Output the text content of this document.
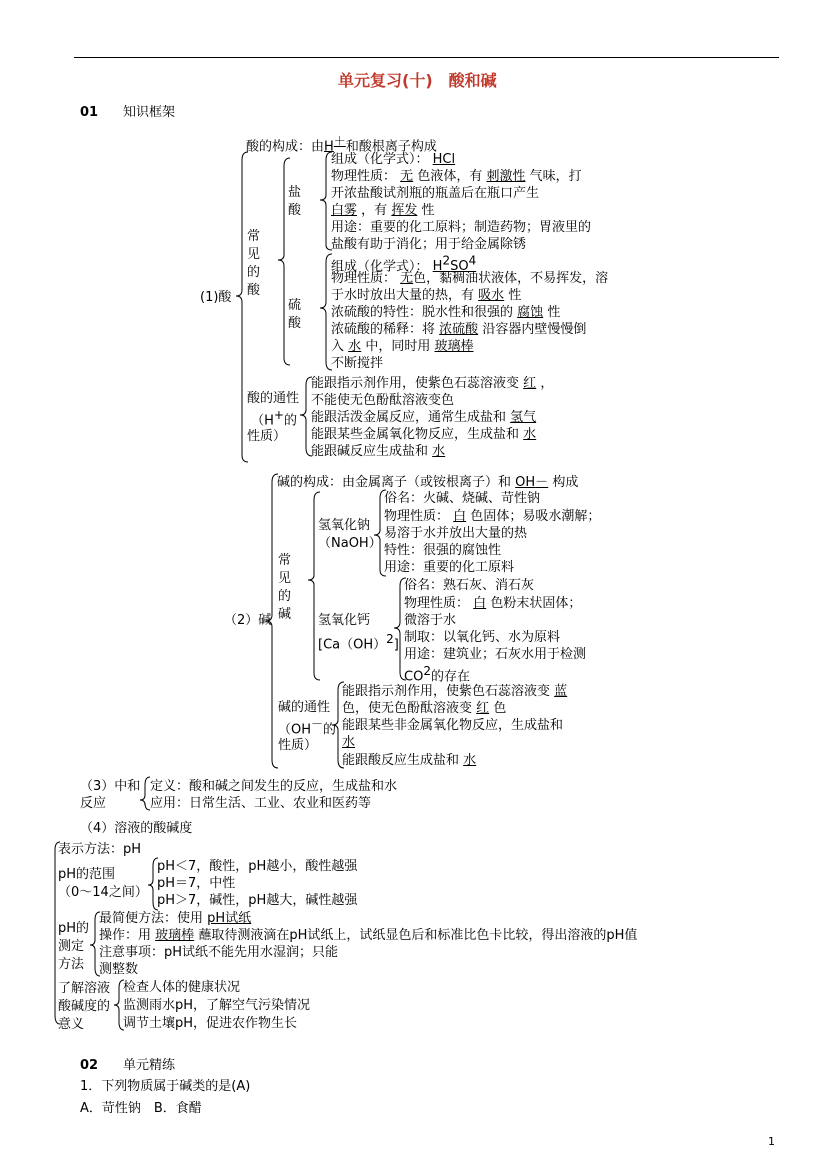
单元复习(十)　酸和碱
01 知识框架
(1)酸
酸的构成：由H＋和酸根离子构成
常
见
的
酸
盐
酸
组成（化学式）： HCl
物理性质： 无 色液体，有 刺激性 气味，打
开浓盐酸试剂瓶的瓶盖后在瓶口产生
白雾 ，有 挥发 性
用途：重要的化工原料；制造药物；胃液里的
盐酸有助于消化；用于给金属除锈
硫
酸
组成（化学式）： $H^2SO^4$
物理性质： 无色，黏稠油状液体，不易挥发，溶
于水时放出大量的热，有 吸水 性
浓硫酸的特性：脱水性和很强的 腐蚀 性
浓硫酸的稀释：将 浓硫酸 沿容器内壁慢慢倒
入 水 中，同时用 玻璃棒
不断搅拌
酸的通性
（H+的
性质）
能跟指示剂作用，使紫色石蕊溶液变 红 ，
不能使无色酚酞溶液变色
能跟活泼金属反应，通常生成盐和 氢气
能跟某些金属氧化物反应，生成盐和 水
能跟碱反应生成盐和 水
（2）碱
碱的构成：由金属离子（或铵根离子）和 OH－ 构成
常
见
的
碱
氢氧化钠
（NaOH）
俗名：火碱、烧碱、苛性钠
物理性质： 白 色固体；易吸水潮解；
易溶于水并放出大量的热
特性：很强的腐蚀性
用途：重要的化工原料
氢氧化钙
[Ca（OH）$^2$]
俗名：熟石灰、消石灰
物理性质： 白 色粉末状固体；
微溶于水
制取：以氧化钙、水为原料
用途：建筑业；石灰水用于检测
$CO^2$的存在
碱的通性
（OH－的
性质）
能跟指示剂作用，使紫色石蕊溶液变 蓝
色，使无色酚酞溶液变 红 色
能跟某些非金属氧化物反应，生成盐和
水
能跟酸反应生成盐和 水
（3）中和
反应
定义：酸和碱之间发生的反应，生成盐和水
应用：日常生活、工业、农业和医药等
（4）溶液的酸碱度
表示方法：pH
pH的范围
（0～14之间）
pH＜7，酸性，pH越小，酸性越强
pH＝7，中性
pH＞7，碱性，pH越大，碱性越强
pH的
测定
方法
最简便方法：使用 pH试纸
操作：用 玻璃棒 蘸取待测液滴在pH试纸上，试纸显色后和标准比色卡比较，得出溶液的pH值
注意事项：pH试纸不能先用水湿润；只能
测整数
了解溶液
酸碱度的
意义
检查人体的健康状况
监测雨水pH，了解空气污染情况
调节土壤pH，促进农作物生长
02 单元精练
1．下列物质属于碱类的是(A)
A．苛性钠　B．食醋
1
